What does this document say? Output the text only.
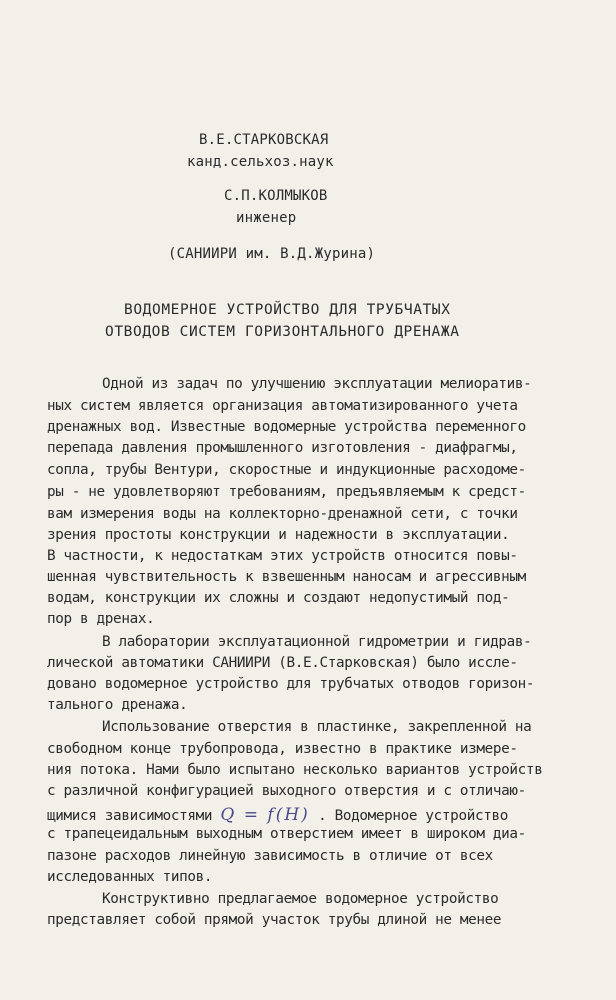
В.Е.СТАРКОВСКАЯ
канд.сельхоз.наук
С.П.КОЛМЫКОВ
инженер
(САНИИРИ им. В.Д.Журина)
ВОДОМЕРНОЕ УСТРОЙСТВО ДЛЯ ТРУБЧАТЫХ
ОТВОДОВ СИСТЕМ ГОРИЗОНТАЛЬНОГО ДРЕНАЖА
Одной из задач по улучшению эксплуатации мелиоратив-
ных систем является организация автоматизированного учета
дренажных вод. Известные водомерные устройства переменного
перепада давления промышленного изготовления - диафрагмы,
сопла, трубы Вентури, скоростные и индукционные расходоме-
ры - не удовлетворяют требованиям, предъявляемым к средст-
вам измерения воды на коллекторно-дренажной сети, с точки
зрения простоты конструкции и надежности в эксплуатации.
В частности, к недостаткам этих устройств относится повы-
шенная чувствительность к взвешенным наносам и агрессивным
водам, конструкции их сложны и создают недопустимый под-
пор в дренах.
В лаборатории эксплуатационной гидрометрии и гидрав-
лической автоматики САНИИРИ (В.Е.Старковская) было иссле-
довано водомерное устройство для трубчатых отводов горизон-
тального дренажа.
Использование отверстия в пластинке, закрепленной на
свободном конце трубопровода, известно в практике измере-
ния потока. Нами было испытано несколько вариантов устройств
с различной конфигурацией выходного отверстия и с отличаю-
щимися зависимостями Q = f(H) . Водомерное устройство
с трапецеидальным выходным отверстием имеет в широком диа-
пазоне расходов линейную зависимость в отличие от всех
исследованных типов.
Конструктивно предлагаемое водомерное устройство
представляет собой прямой участок трубы длиной не менее
